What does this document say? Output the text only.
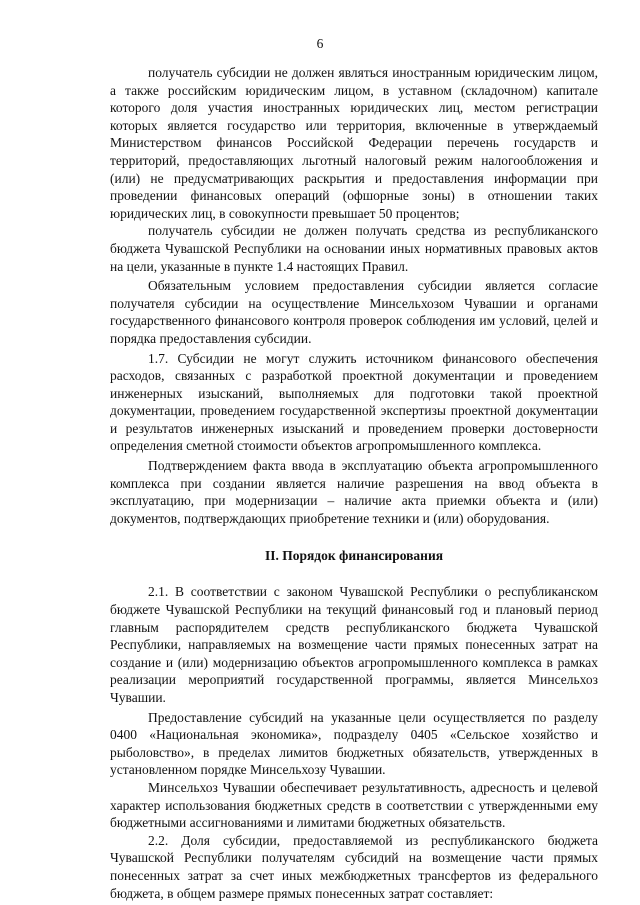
6

получатель субсидии не должен являться иностранным юридическим лицом, а также российским юридическим лицом, в уставном (складочном) капитале которого доля участия иностранных юридических лиц, местом регистрации которых является государство или территория, включенные в утверждаемый Министерством финансов Российской Федерации перечень государств и территорий, предоставляющих льготный налоговый режим налогообложения и (или) не предусматривающих раскрытия и предоставления информации при проведении финансовых операций (офшорные зоны) в отношении таких юридических лиц, в совокупности превышает 50 процентов;

получатель субсидии не должен получать средства из республиканского бюджета Чувашской Республики на основании иных нормативных правовых актов на цели, указанные в пункте 1.4 настоящих Правил.

Обязательным условием предоставления субсидии является согласие получателя субсидии на осуществление Минсельхозом Чувашии и органами государственного финансового контроля проверок соблюдения им условий, целей и порядка предоставления субсидии.

1.7. Субсидии не могут служить источником финансового обеспечения расходов, связанных с разработкой проектной документации и проведением инженерных изысканий, выполняемых для подготовки такой проектной документации, проведением государственной экспертизы проектной документации и результатов инженерных изысканий и проведением проверки достоверности определения сметной стоимости объектов агропромышленного комплекса.

Подтверждением факта ввода в эксплуатацию объекта агропромышленного комплекса при создании является наличие разрешения на ввод объекта в эксплуатацию, при модернизации – наличие акта приемки объекта и (или) документов, подтверждающих приобретение техники и (или) оборудования.

II. Порядок финансирования

2.1. В соответствии с законом Чувашской Республики о республиканском бюджете Чувашской Республики на текущий финансовый год и плановый период главным распорядителем средств республиканского бюджета Чувашской Республики, направляемых на возмещение части прямых понесенных затрат на создание и (или) модернизацию объектов агропромышленного комплекса в рамках реализации мероприятий государственной программы, является Минсельхоз Чувашии.

Предоставление субсидий на указанные цели осуществляется по разделу 0400 «Национальная экономика», подразделу 0405 «Сельское хозяйство и рыболовство», в пределах лимитов бюджетных обязательств, утвержденных в установленном порядке Минсельхозу Чувашии.

Минсельхоз Чувашии обеспечивает результативность, адресность и целевой характер использования бюджетных средств в соответствии с утвержденными ему бюджетными ассигнованиями и лимитами бюджетных обязательств.

2.2. Доля субсидии, предоставляемой из республиканского бюджета Чувашской Республики получателям субсидий на возмещение части прямых понесенных затрат за счет иных межбюджетных трансфертов из федерального бюджета, в общем размере прямых понесенных затрат составляет:
